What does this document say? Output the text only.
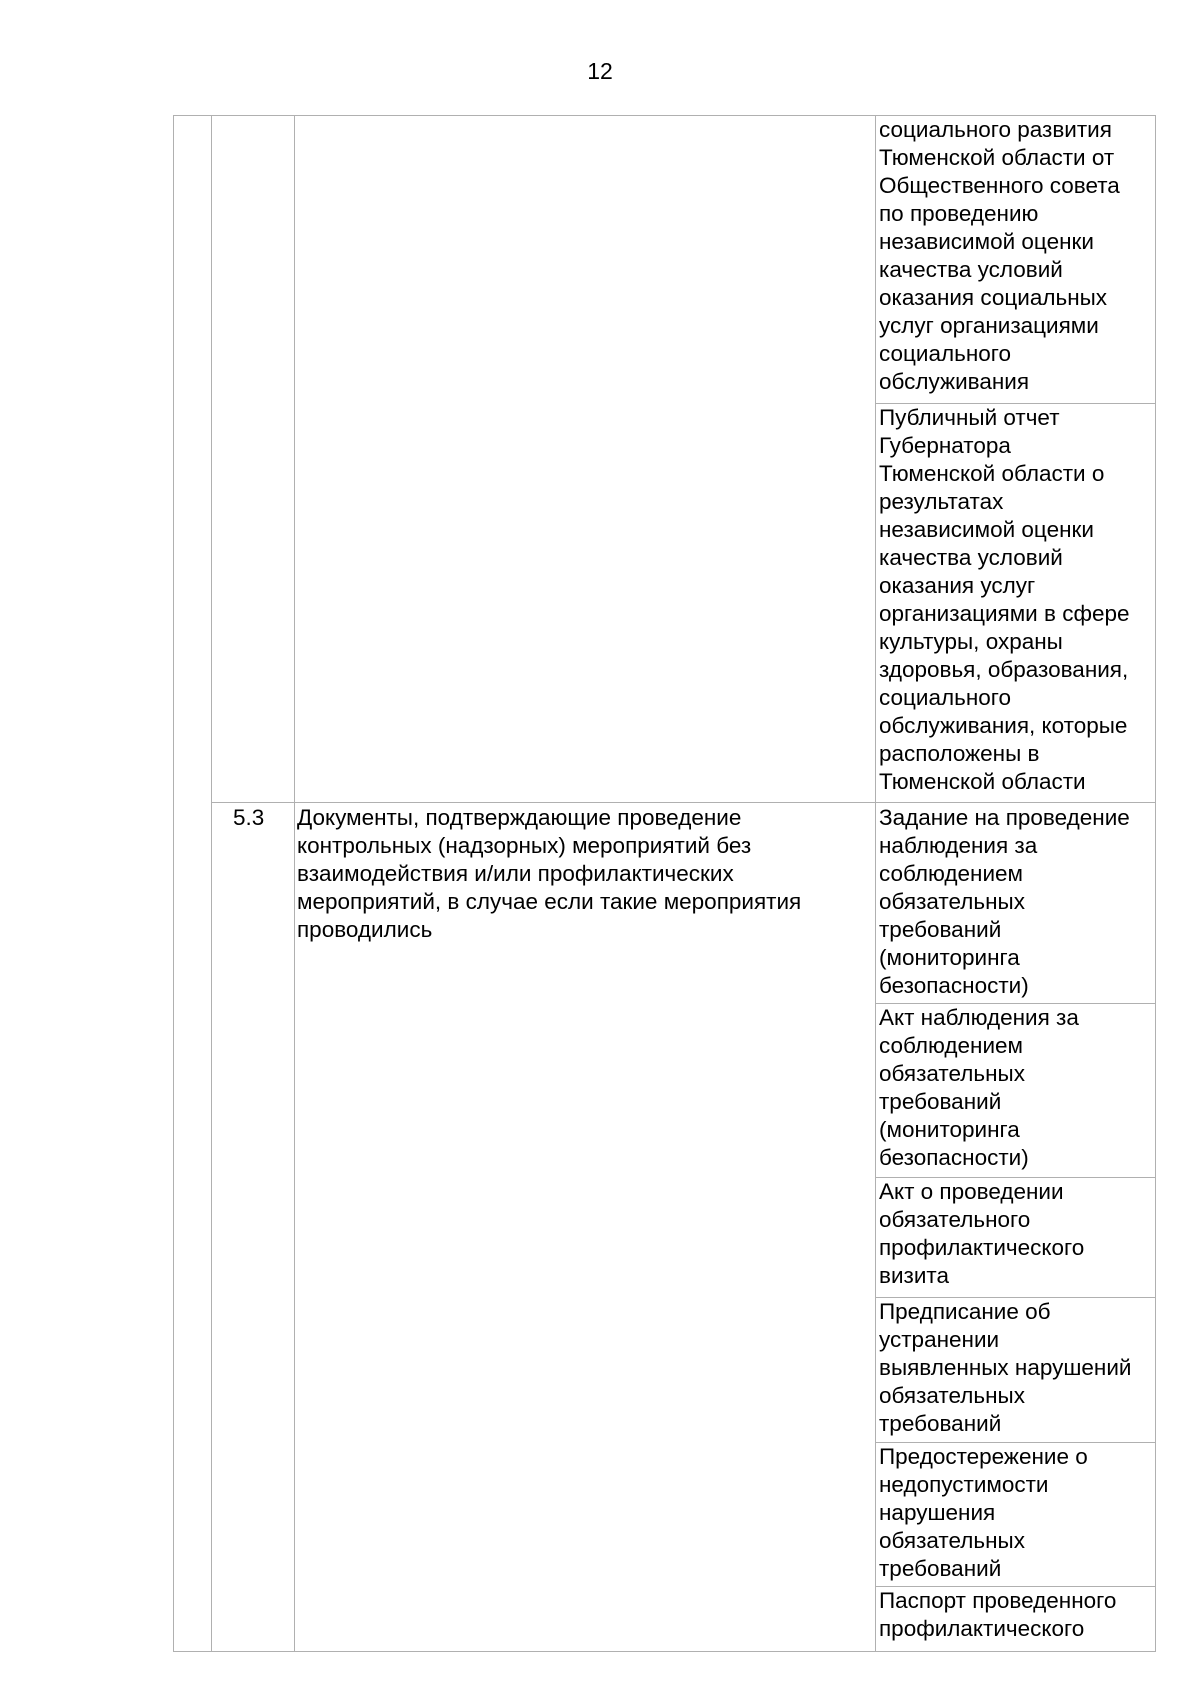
12
5.3 Документы, подтверждающие проведение
контрольных (надзорных) мероприятий без
взаимодействия и/или профилактических
мероприятий, в случае если такие мероприятия
проводились
социального развития
Тюменской области от
Общественного совета
по проведению
независимой оценки
качества условий
оказания социальных
услуг организациями
социального
обслуживания
Публичный отчет
Губернатора
Тюменской области о
результатах
независимой оценки
качества условий
оказания услуг
организациями в сфере
культуры, охраны
здоровья, образования,
социального
обслуживания, которые
расположены в
Тюменской области
Задание на проведение
наблюдения за
соблюдением
обязательных
требований
(мониторинга
безопасности)
Акт наблюдения за
соблюдением
обязательных
требований
(мониторинга
безопасности)
Акт о проведении
обязательного
профилактического
визита
Предписание об
устранении
выявленных нарушений
обязательных
требований
Предостережение о
недопустимости
нарушения
обязательных
требований
Паспорт проведенного
профилактического
